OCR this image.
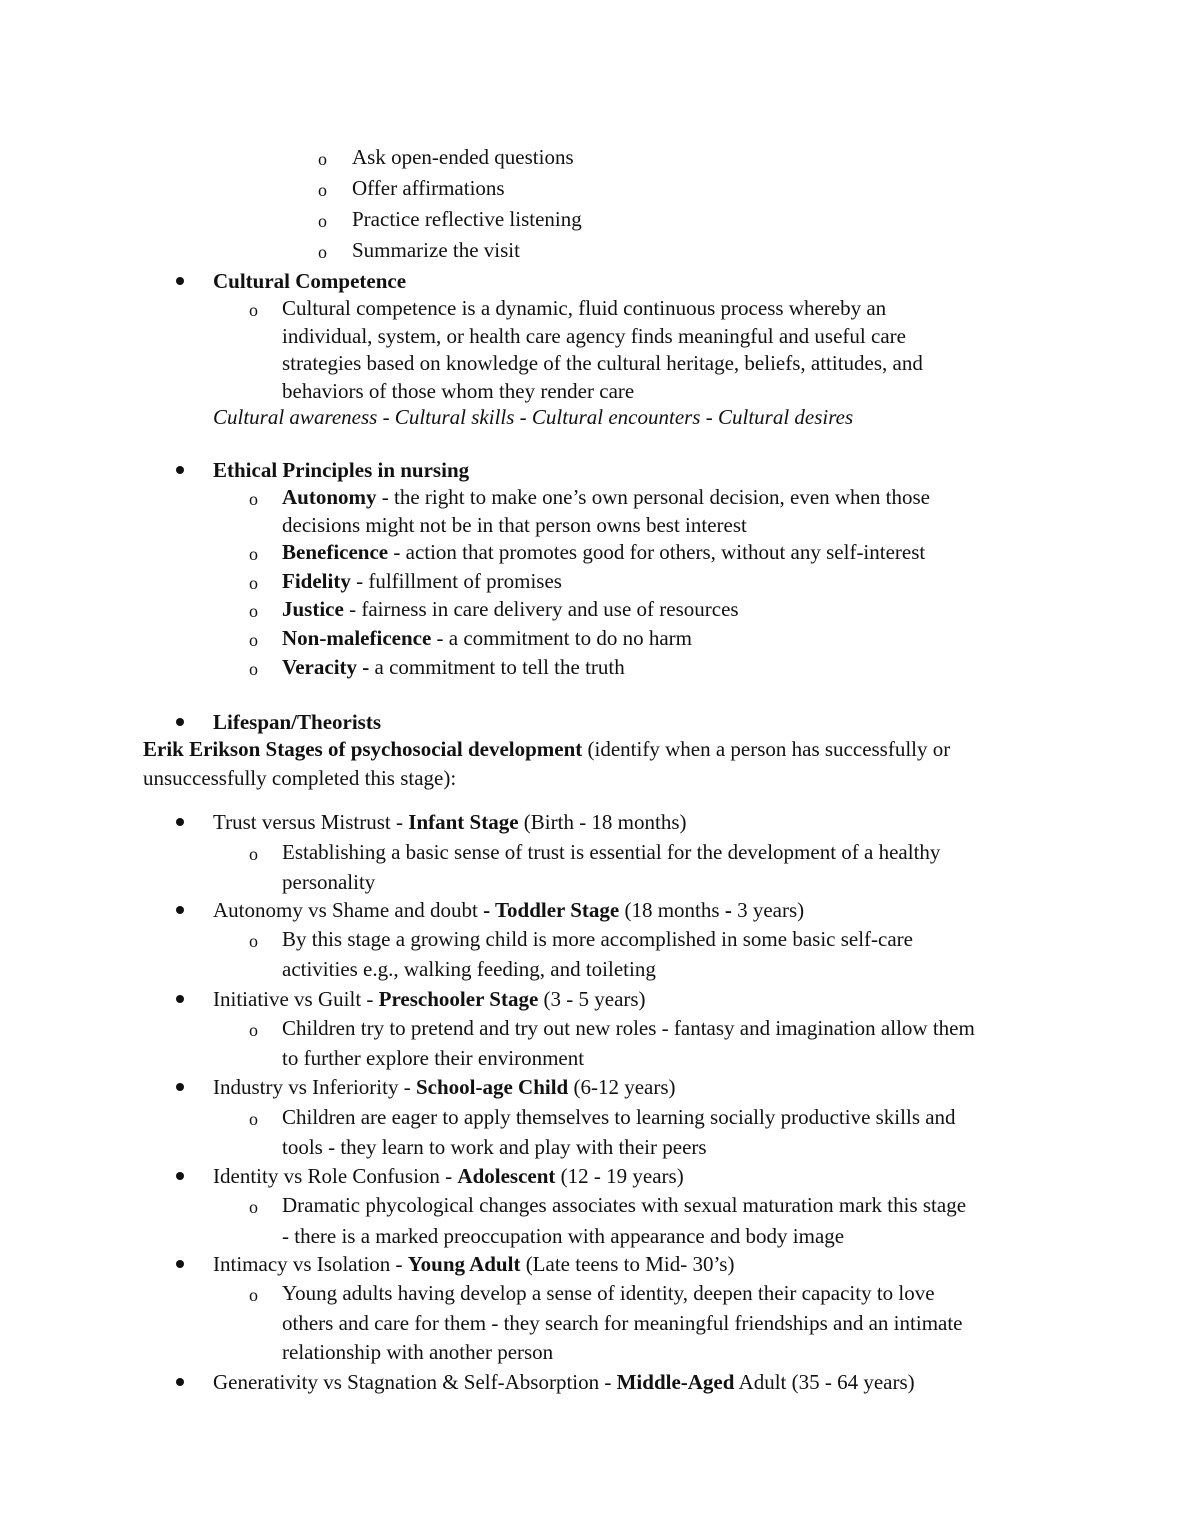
o Ask open-ended questions
o Offer affirmations
o Practice reflective listening
o Summarize the visit
Cultural Competence
o Cultural competence is a dynamic, fluid continuous process whereby an
individual, system, or health care agency finds meaningful and useful care
strategies based on knowledge of the cultural heritage, beliefs, attitudes, and
behaviors of those whom they render care
Cultural awareness - Cultural skills - Cultural encounters - Cultural desires
Ethical Principles in nursing
o Autonomy - the right to make one’s own personal decision, even when those
decisions might not be in that person owns best interest
o Beneficence - action that promotes good for others, without any self-interest
o Fidelity - fulfillment of promises
o Justice - fairness in care delivery and use of resources
o Non-maleficence - a commitment to do no harm
o Veracity - a commitment to tell the truth
Lifespan/Theorists
Erik Erikson Stages of psychosocial development (identify when a person has successfully or
unsuccessfully completed this stage):
Trust versus Mistrust - Infant Stage (Birth - 18 months)
o Establishing a basic sense of trust is essential for the development of a healthy
personality
Autonomy vs Shame and doubt - Toddler Stage (18 months - 3 years)
o By this stage a growing child is more accomplished in some basic self-care
activities e.g., walking feeding, and toileting
Initiative vs Guilt - Preschooler Stage (3 - 5 years)
o Children try to pretend and try out new roles - fantasy and imagination allow them
to further explore their environment
Industry vs Inferiority - School-age Child (6-12 years)
o Children are eager to apply themselves to learning socially productive skills and
tools - they learn to work and play with their peers
Identity vs Role Confusion - Adolescent (12 - 19 years)
o Dramatic phycological changes associates with sexual maturation mark this stage
- there is a marked preoccupation with appearance and body image
Intimacy vs Isolation - Young Adult (Late teens to Mid- 30’s)
o Young adults having develop a sense of identity, deepen their capacity to love
others and care for them - they search for meaningful friendships and an intimate
relationship with another person
Generativity vs Stagnation & Self-Absorption - Middle-Aged Adult (35 - 64 years)
